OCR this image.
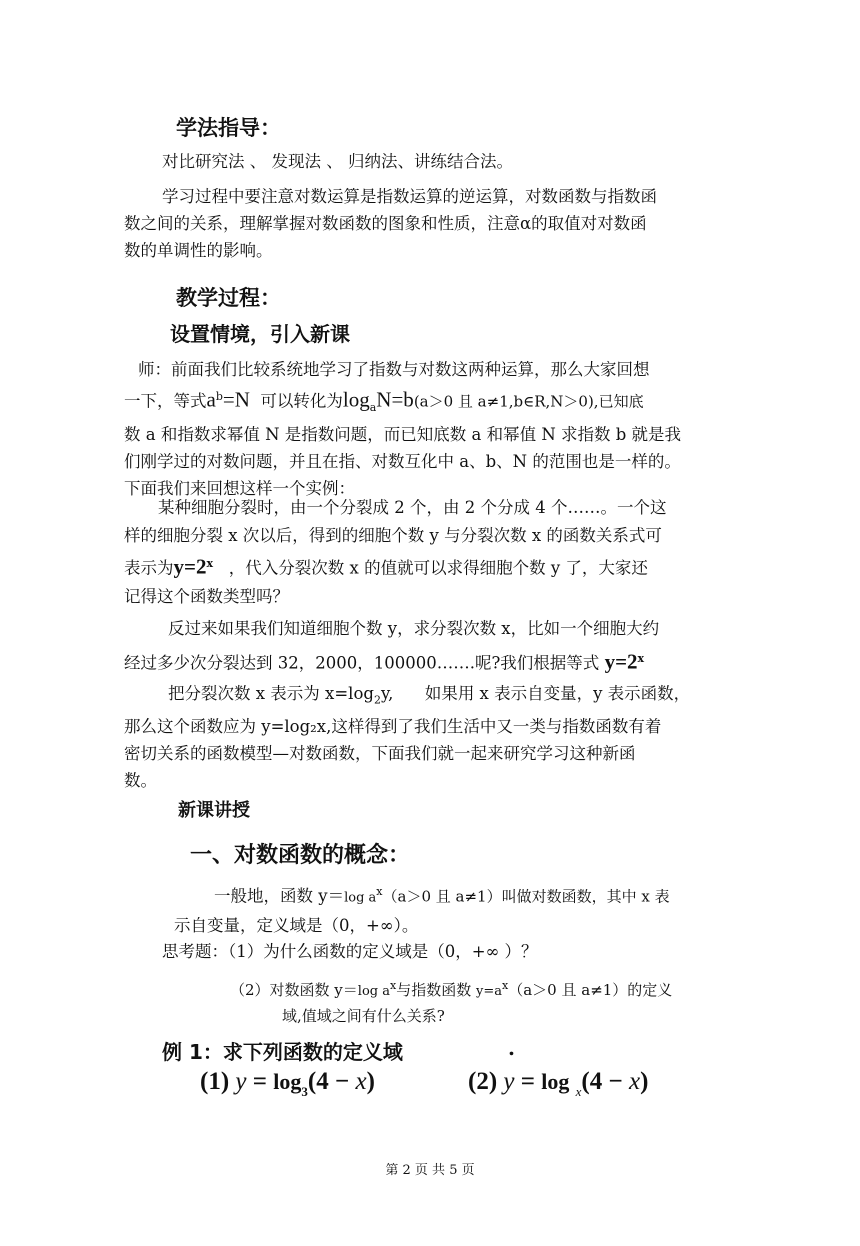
学法指导：

对比研究法 、 发现法 、 归纳法、讲练结合法。

学习过程中要注意对数运算是指数运算的逆运算，对数函数与指数函
数之间的关系，理解掌握对数函数的图象和性质，注意α的取值对对数函
数的单调性的影响。

教学过程：

设置情境，引入新课

师：前面我们比较系统地学习了指数与对数这两种运算，那么大家回想
一下，等式$a^b=N$ 可以转化为$\log_aN=b(a>0$ 且 a≠1,b∈R,N＞0),已知底
数 a 和指数求幂值 N 是指数问题，而已知底数 a 和幂值 N 求指数 b 就是我
们刚学过的对数问题，并且在指、对数互化中 a、b、N 的范围也是一样的。
下面我们来回想这样一个实例：
某种细胞分裂时，由一个分裂成 2 个，由 2 个分成 4 个……。一个这
样的细胞分裂 x 次以后，得到的细胞个数 y 与分裂次数 x 的函数关系式可
表示为$y=2^x$ ，代入分裂次数 x 的值就可以求得细胞个数 y 了，大家还
记得这个函数类型吗？
反过来如果我们知道细胞个数 y，求分裂次数 x，比如一个细胞大约
经过多少次分裂达到 32，2000，100000…….呢?我们根据等式 $y=2^x$
把分裂次数 x 表示为 $x=\log_2y$, 如果用 x 表示自变量，y 表示函数，
那么这个函数应为 y=log₂x,这样得到了我们生活中又一类与指数函数有着
密切关系的函数模型—对数函数，下面我们就一起来研究学习这种新函
数。

新课讲授

一、对数函数的概念：

一般地，函数 y＝log $a^x(a>0$ 且 a≠1）叫做对数函数，其中 x 表
示自变量，定义域是（0，+∞）。

思考题：（1）为什么函数的定义域是（0，+∞ ）？

（2）对数函数 y＝log $a^x$与指数函数 $y=a^x(a>0$ 且 a≠1）的定义
域,值域之间有什么关系?

例 1：求下列函数的定义域	.

(1) $y = \log_3(4 - x)$	(2) y = log $_x$(4 − x)

第 2 页 共 5 页
